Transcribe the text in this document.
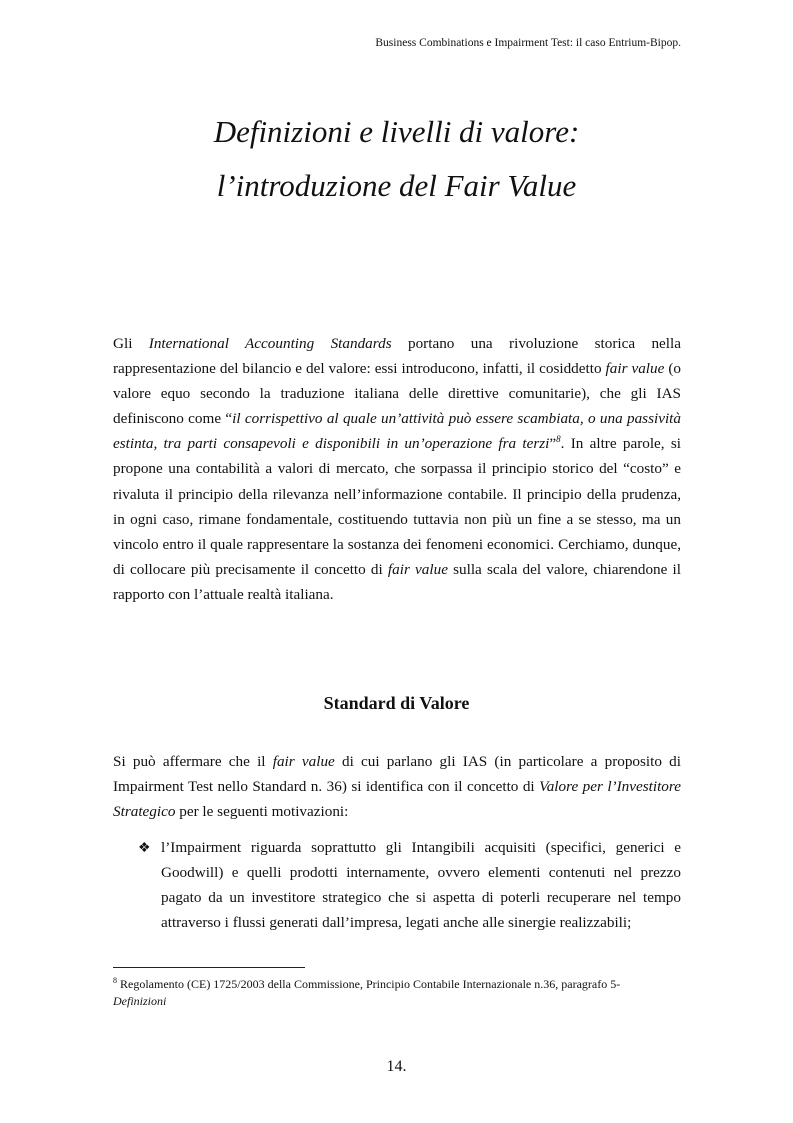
Business Combinations e Impairment Test: il caso Entrium-Bipop.
Definizioni e livelli di valore:
l’introduzione del Fair Value
Gli International Accounting Standards portano una rivoluzione storica nella rappresentazione del bilancio e del valore: essi introducono, infatti, il cosiddetto fair value (o valore equo secondo la traduzione italiana delle direttive comunitarie), che gli IAS definiscono come “il corrispettivo al quale un’attività può essere scambiata, o una passività estinta, tra parti consapevoli e disponibili in un’operazione fra terzi”$^8$. In altre parole, si propone una contabilità a valori di mercato, che sorpassa il principio storico del “costo” e rivaluta il principio della rilevanza nell’informazione contabile. Il principio della prudenza, in ogni caso, rimane fondamentale, costituendo tuttavia non più un fine a se stesso, ma un vincolo entro il quale rappresentare la sostanza dei fenomeni economici. Cerchiamo, dunque, di collocare più precisamente il concetto di fair value sulla scala del valore, chiarendone il rapporto con l’attuale realtà italiana.
Standard di Valore
Si può affermare che il fair value di cui parlano gli IAS (in particolare a proposito di Impairment Test nello Standard n. 36) si identifica con il concetto di Valore per l’Investitore Strategico per le seguenti motivazioni:
❖ l’Impairment riguarda soprattutto gli Intangibili acquisiti (specifici, generici e Goodwill) e quelli prodotti internamente, ovvero elementi contenuti nel prezzo pagato da un investitore strategico che si aspetta di poterli recuperare nel tempo attraverso i flussi generati dall’impresa, legati anche alle sinergie realizzabili;
$^8$ Regolamento (CE) 1725/2003 della Commissione, Principio Contabile Internazionale n.36, paragrafo 5-
Definizioni
14.
